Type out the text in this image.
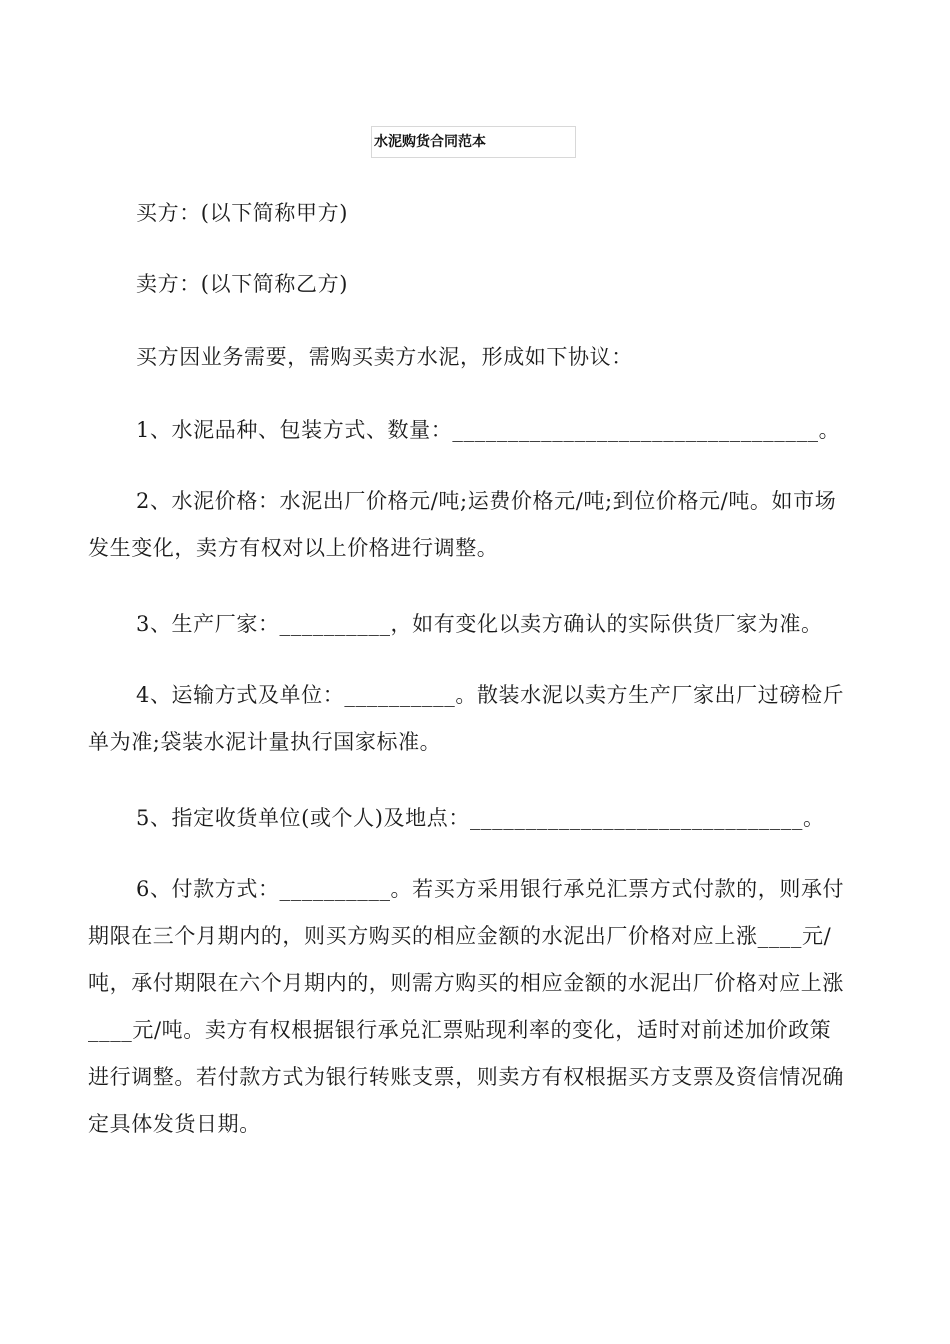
水泥购货合同范本
买方：(以下简称甲方)
卖方：(以下简称乙方)
买方因业务需要，需购买卖方水泥，形成如下协议：
1、水泥品种、包装方式、数量：_________________________________。
2、水泥价格：水泥出厂价格元/吨;运费价格元/吨;到位价格元/吨。如市场
发生变化，卖方有权对以上价格进行调整。
3、生产厂家：__________，如有变化以卖方确认的实际供货厂家为准。
4、运输方式及单位：__________。散装水泥以卖方生产厂家出厂过磅检斤
单为准;袋装水泥计量执行国家标准。
5、指定收货单位(或个人)及地点：______________________________。
6、付款方式：__________。若买方采用银行承兑汇票方式付款的，则承付
期限在三个月期内的，则买方购买的相应金额的水泥出厂价格对应上涨____元/
吨，承付期限在六个月期内的，则需方购买的相应金额的水泥出厂价格对应上涨
____元/吨。卖方有权根据银行承兑汇票贴现利率的变化，适时对前述加价政策
进行调整。若付款方式为银行转账支票，则卖方有权根据买方支票及资信情况确
定具体发货日期。
